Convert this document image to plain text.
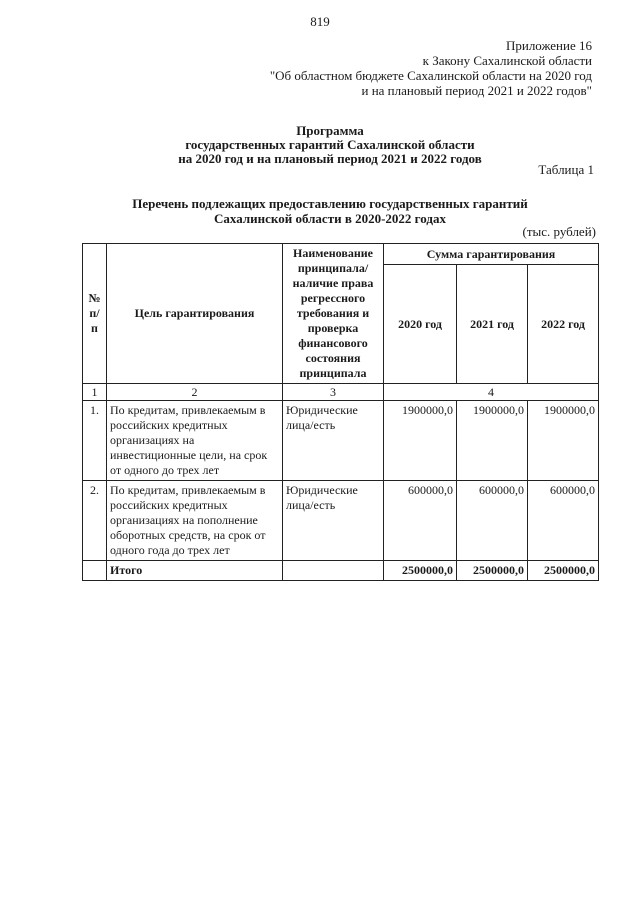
819
Приложение 16
к Закону Сахалинской области
"Об областном бюджете Сахалинской области на 2020 год
и на плановый период 2021 и 2022 годов"
Программа
государственных гарантий Сахалинской области
на 2020 год и на плановый период 2021 и 2022 годов
Таблица 1
Перечень подлежащих предоставлению государственных гарантий
Сахалинской области в 2020-2022 годах
(тыс. рублей)
№ п/п	Цель гарантирования	Наименование принципала/ наличие права регрессного требования и проверка финансового состояния принципала	Сумма гарантирования		
			2020 год	2021 год	2022 год
1	2	3	4		
1.	По кредитам, привлекаемым в российских кредитных организациях на инвестиционные цели, на срок от одного до трех лет	Юридические лица/есть	1900000,0	1900000,0	1900000,0
2.	По кредитам, привлекаемым в российских кредитных организациях на пополнение оборотных средств, на срок от одного года до трех лет	Юридические лица/есть	600000,0	600000,0	600000,0
	Итого		2500000,0	2500000,0	2500000,0
